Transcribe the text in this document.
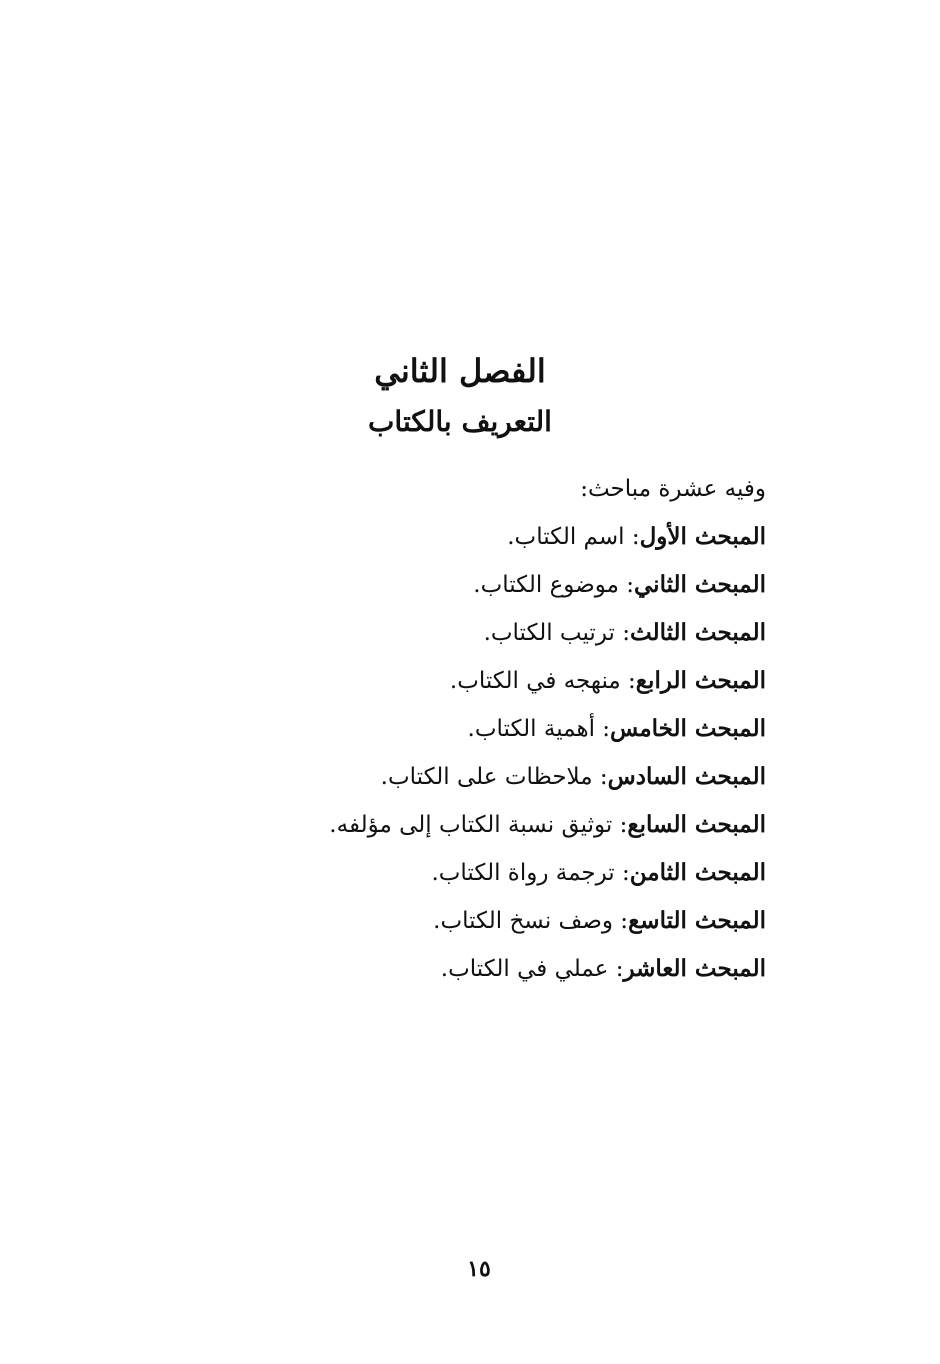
الفصل الثاني
التعريف بالكتاب

وفيه عشرة مباحث:

المبحث الأول: اسم الكتاب.
المبحث الثاني: موضوع الكتاب.
المبحث الثالث: ترتيب الكتاب.
المبحث الرابع: منهجه في الكتاب.
المبحث الخامس: أهمية الكتاب.
المبحث السادس: ملاحظات على الكتاب.
المبحث السابع: توثيق نسبة الكتاب إلى مؤلفه.
المبحث الثامن: ترجمة رواة الكتاب.
المبحث التاسع: وصف نسخ الكتاب.
المبحث العاشر: عملي في الكتاب.
١٥
